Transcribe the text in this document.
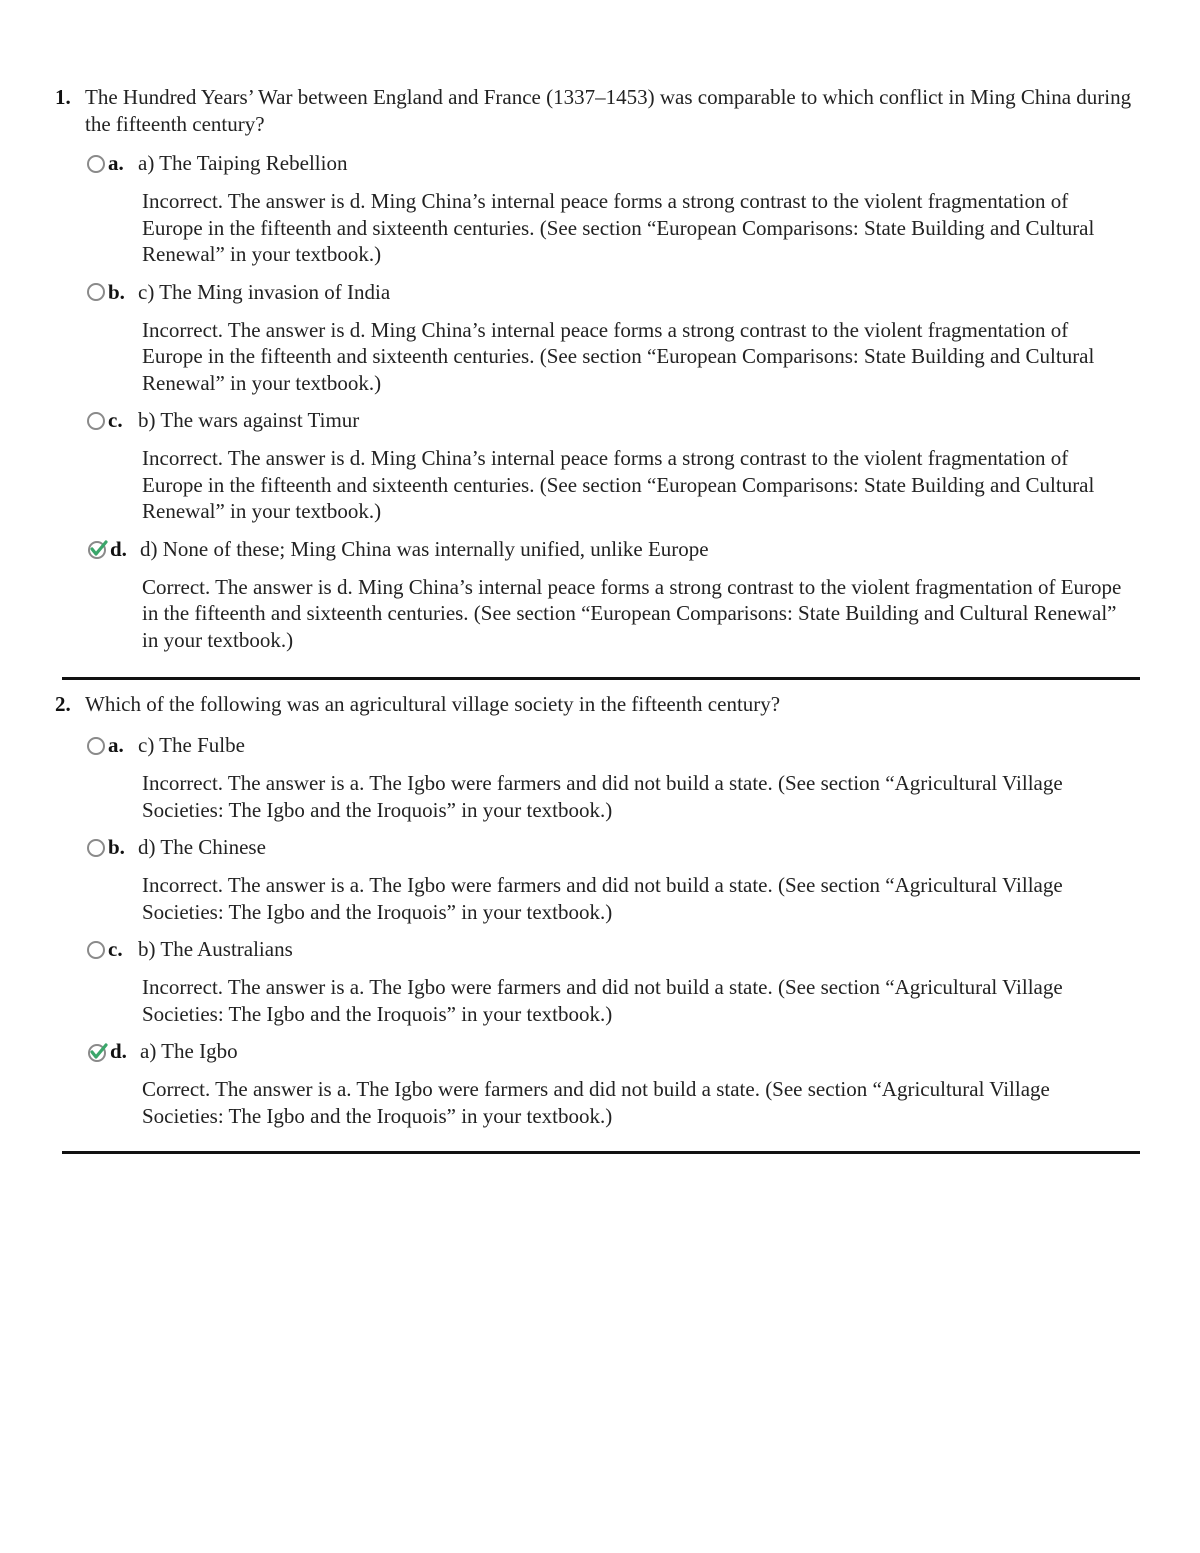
1. The Hundred Years’ War between England and France (1337–1453) was comparable to which conflict in Ming China during the fifteenth century?
a. a) The Taiping Rebellion
Incorrect. The answer is d. Ming China’s internal peace forms a strong contrast to the violent fragmentation of Europe in the fifteenth and sixteenth centuries. (See section “European Comparisons: State Building and Cultural Renewal” in your textbook.)
b. c) The Ming invasion of India
Incorrect. The answer is d. Ming China’s internal peace forms a strong contrast to the violent fragmentation of Europe in the fifteenth and sixteenth centuries. (See section “European Comparisons: State Building and Cultural Renewal” in your textbook.)
c. b) The wars against Timur
Incorrect. The answer is d. Ming China’s internal peace forms a strong contrast to the violent fragmentation of Europe in the fifteenth and sixteenth centuries. (See section “European Comparisons: State Building and Cultural Renewal” in your textbook.)
d. d) None of these; Ming China was internally unified, unlike Europe
Correct. The answer is d. Ming China’s internal peace forms a strong contrast to the violent fragmentation of Europe in the fifteenth and sixteenth centuries. (See section “European Comparisons: State Building and Cultural Renewal” in your textbook.)
2. Which of the following was an agricultural village society in the fifteenth century?
a. c) The Fulbe
Incorrect. The answer is a. The Igbo were farmers and did not build a state. (See section “Agricultural Village Societies: The Igbo and the Iroquois” in your textbook.)
b. d) The Chinese
Incorrect. The answer is a. The Igbo were farmers and did not build a state. (See section “Agricultural Village Societies: The Igbo and the Iroquois” in your textbook.)
c. b) The Australians
Incorrect. The answer is a. The Igbo were farmers and did not build a state. (See section “Agricultural Village Societies: The Igbo and the Iroquois” in your textbook.)
d. a) The Igbo
Correct. The answer is a. The Igbo were farmers and did not build a state. (See section “Agricultural Village Societies: The Igbo and the Iroquois” in your textbook.)
